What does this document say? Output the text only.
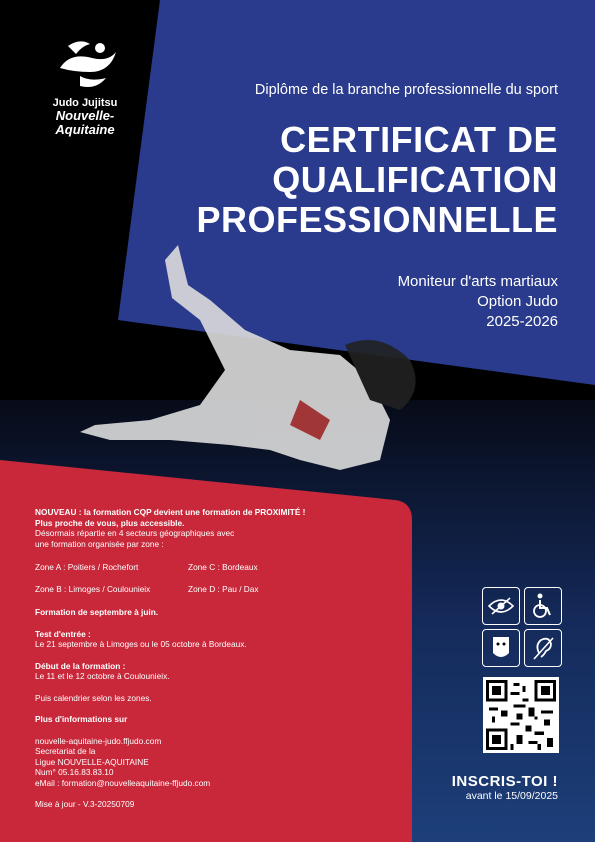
Judo Jujitsu
Nouvelle-
Aquitaine
Diplôme de la branche professionnelle du sport
CERTIFICAT DE
QUALIFICATION
PROFESSIONNELLE
Moniteur d'arts martiaux
Option Judo
2025-2026

NOUVEAU : la formation CQP devient une formation de PROXIMITÉ !

Plus proche de vous, plus accessible.

Désormais répartie en 4 secteurs géographiques avec

une formation organisée par zone :

Zone A : Poitiers / Rochefort	Zone C : Bordeaux
Zone B : Limoges / Coulounieix	Zone D : Pau / Dax

Formation de septembre à juin.

Test d'entrée :

Le 21 septembre à Limoges ou le 05 octobre à Bordeaux.

Début de la formation :

Le 11 et le 12 octobre à Coulounieix.

Puis calendrier selon les zones.

Plus d'informations sur

nouvelle-aquitaine-judo.ffjudo.com

Secretariat de la

Ligue NOUVELLE-AQUITAINE

Num° 05.16.83.83.10

eMail : formation@nouvelleaquitaine-ffjudo.com

Mise à jour - V.3-20250709

INSCRIS-TOI !
avant le 15/09/2025
